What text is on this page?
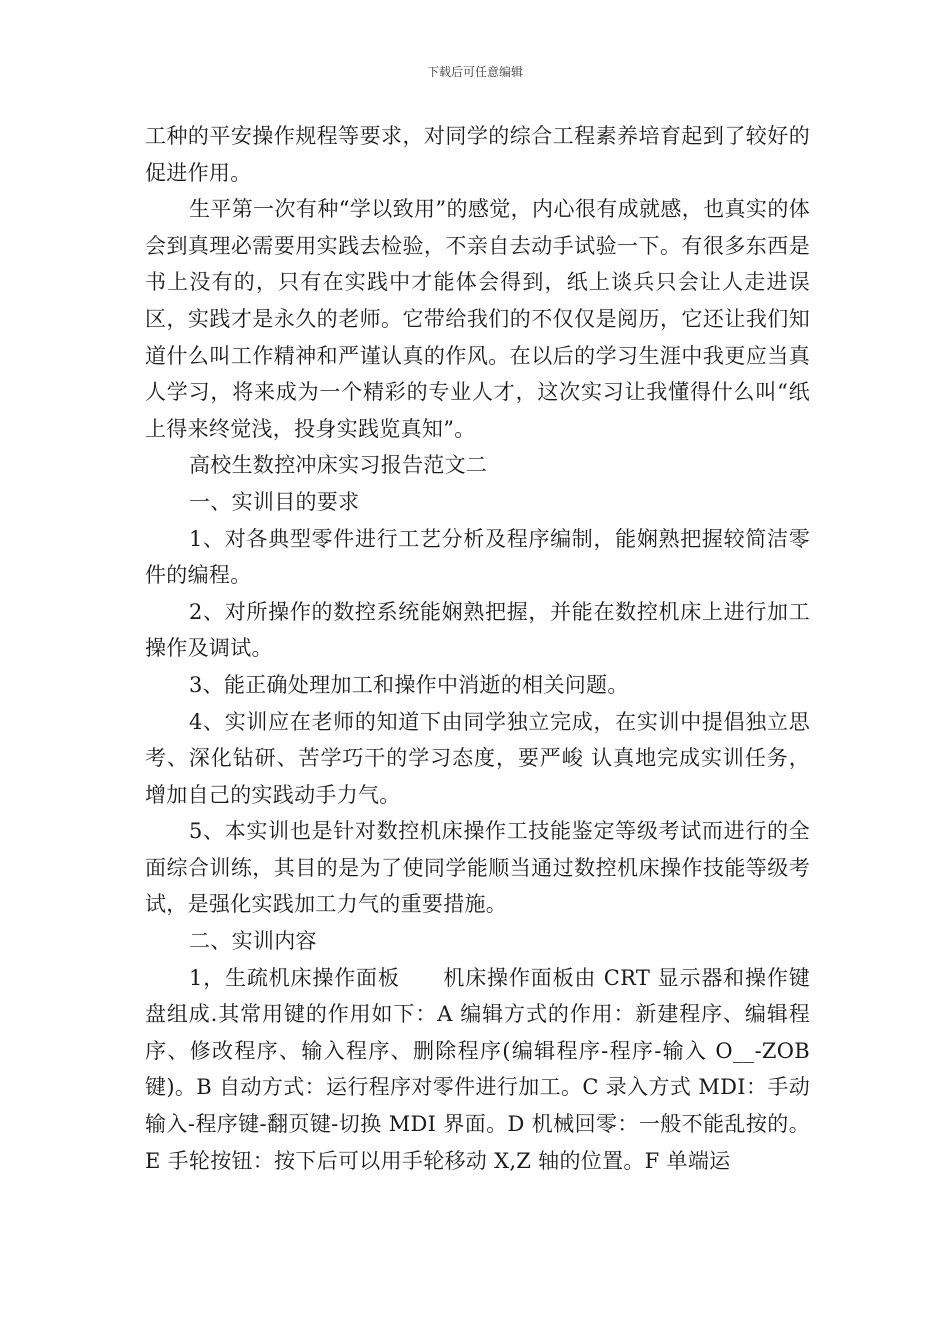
下载后可任意编辑

工种的平安操作规程等要求，对同学的综合工程素养培育起到了较好的促进作用。

生平第一次有种“学以致用”的感觉，内心很有成就感，也真实的体会到真理必需要用实践去检验，不亲自去动手试验一下。有很多东西是书上没有的，只有在实践中才能体会得到，纸上谈兵只会让人走进误区，实践才是永久的老师。它带给我们的不仅仅是阅历，它还让我们知道什么叫工作精神和严谨认真的作风。在以后的学习生涯中我更应当真人学习，将来成为一个精彩的专业人才，这次实习让我懂得什么叫“纸上得来终觉浅，投身实践览真知”。

高校生数控冲床实习报告范文二

一、实训目的要求

1、对各典型零件进行工艺分析及程序编制，能娴熟把握较简洁零件的编程。

2、对所操作的数控系统能娴熟把握，并能在数控机床上进行加工操作及调试。

3、能正确处理加工和操作中消逝的相关问题。

4、实训应在老师的知道下由同学独立完成，在实训中提倡独立思考、深化钻研、苦学巧干的学习态度，要严峻 认真地完成实训任务，增加自己的实践动手力气。

5、本实训也是针对数控机床操作工技能鉴定等级考试而进行的全面综合训练，其目的是为了使同学能顺当通过数控机床操作技能等级考试，是强化实践加工力气的重要措施。

二、实训内容

1，生疏机床操作面板　　机床操作面板由 CRT 显示器和操作键盘组成.其常用键的作用如下：A 编辑方式的作用：新建程序、编辑程序、修改程序、输入程序、删除程序(编辑程序-程序-输入 O__-ZOB 键)。B 自动方式：运行程序对零件进行加工。C 录入方式 MDI：手动输入-程序键-翻页键-切换 MDI 界面。D 机械回零：一般不能乱按的。E 手轮按钮：按下后可以用手轮移动 X,Z 轴的位置。F 单端运
